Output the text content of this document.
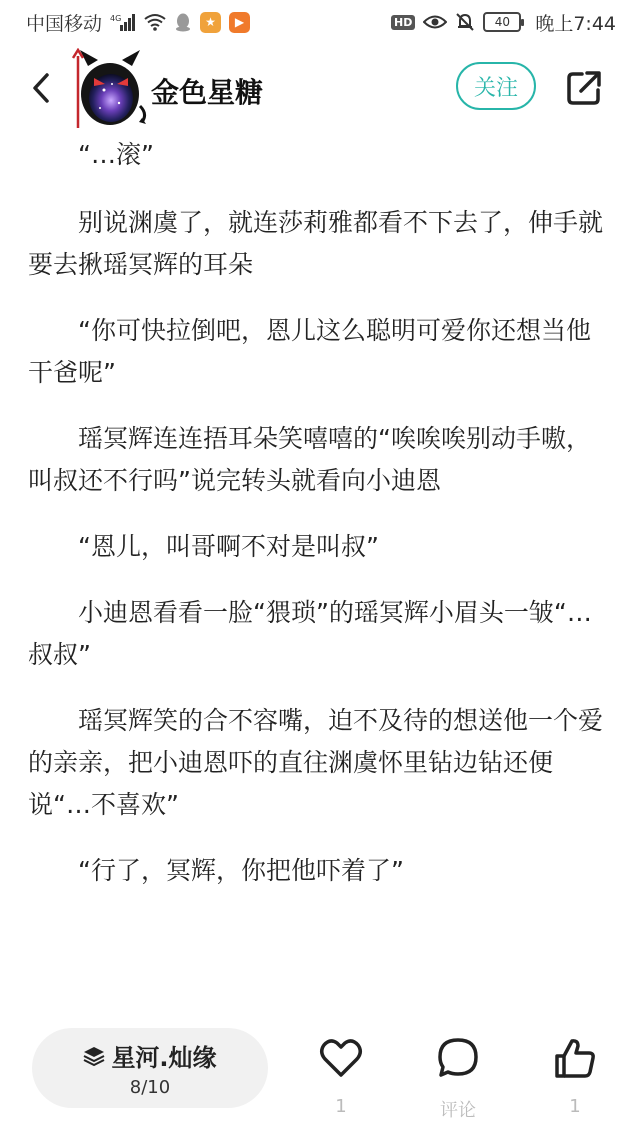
中国移动 4G	★	▶	HD	40 晚上7:44
金色星糖	关注

“…滚”

别说渊虞了，就连莎莉雅都看不下去了，伸手就要去揪瑶冥辉的耳朵

“你可快拉倒吧，恩儿这么聪明可爱你还想当他干爸呢”

瑶冥辉连连捂耳朵笑嘻嘻的“唉唉唉别动手嗷，叫叔还不行吗”说完转头就看向小迪恩

“恩儿，叫哥啊不对是叫叔”

小迪恩看看一脸“猥琐”的瑶冥辉小眉头一皱“…叔叔”

瑶冥辉笑的合不容嘴，迫不及待的想送他一个爱的亲亲，把小迪恩吓的直往渊虞怀里钻边钻还便说“…不喜欢”

“行了，冥辉，你把他吓着了”

星河.灿缘
8/10
1	评论	1
